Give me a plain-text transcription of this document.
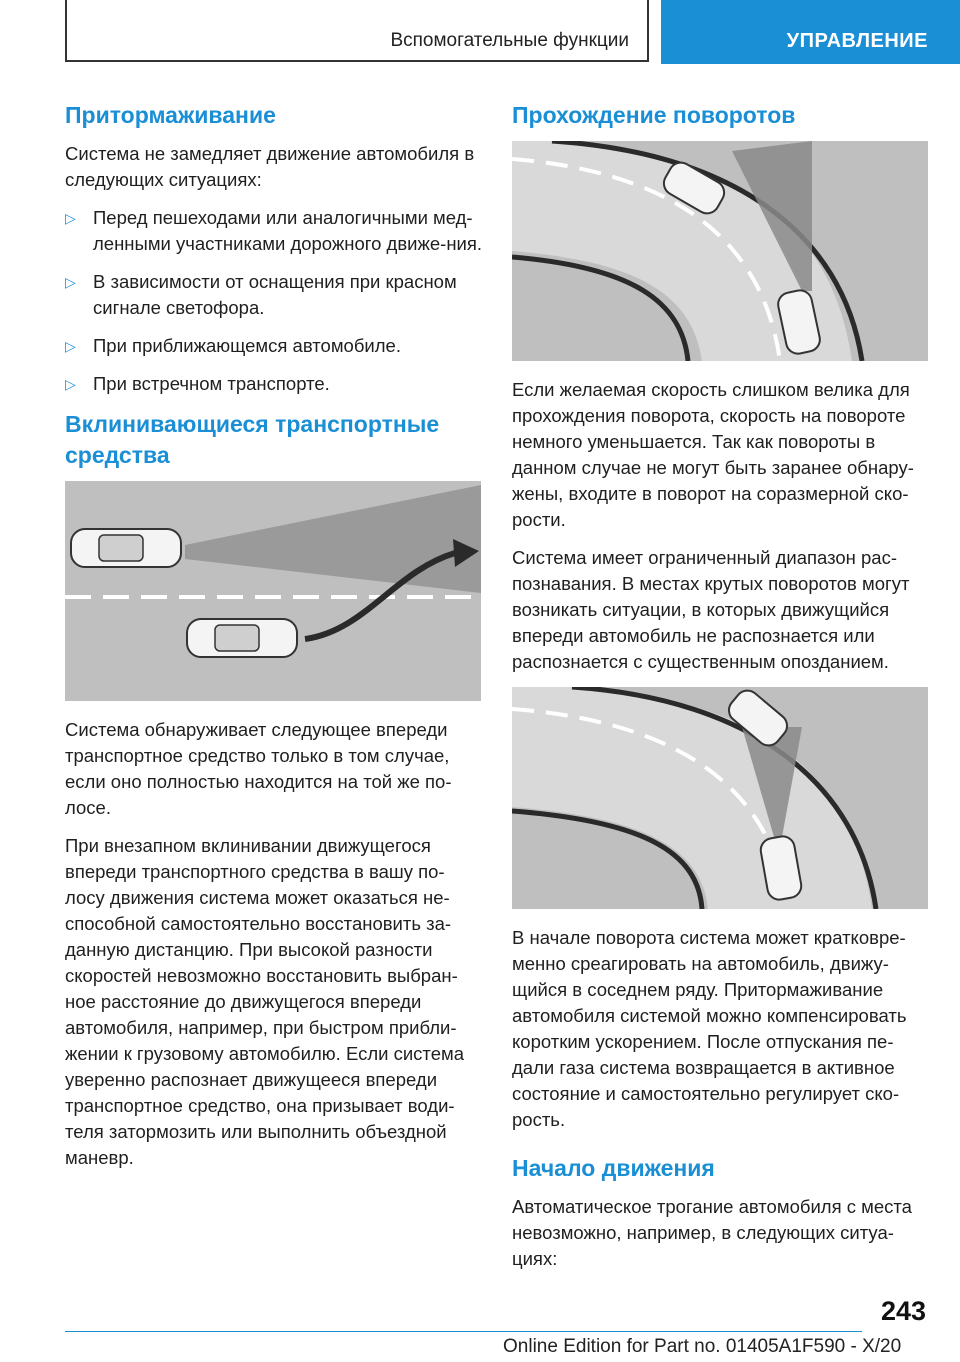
Вспомогательные функции	УПРАВЛЕНИЕ
Притормаживание

Система не замедляет движение автомобиля в следующих ситуациях:

▷ Перед пешеходами или аналогичными мед-ленными участниками дорожного движе-ния.
▷ В зависимости от оснащения при красном сигнале светофора.
▷ При приближающемся автомобиле.
▷ При встречном транспорте.
Вклинивающиеся транспортные средства

Система обнаруживает следующее впереди транспортное средство только в том случае, если оно полностью находится на той же по-лосе.

При внезапном вклинивании движущегося впереди транспортного средства в вашу по-лосу движения система может оказаться не-способной самостоятельно восстановить за-данную дистанцию. При высокой разности скоростей невозможно восстановить выбран-ное расстояние до движущегося впереди автомобиля, например, при быстром прибли-жении к грузовому автомобилю. Если система уверенно распознает движущееся впереди транспортное средство, она призывает води-теля затормозить или выполнить объездной маневр.

Прохождение поворотов

Если желаемая скорость слишком велика для прохождения поворота, скорость на повороте немного уменьшается. Так как повороты в данном случае не могут быть заранее обнару-жены, входите в поворот на соразмерной ско-рости.

Система имеет ограниченный диапазон рас-познавания. В местах крутых поворотов могут возникать ситуации, в которых движущийся впереди автомобиль не распознается или распознается с существенным опозданием.

В начале поворота система может кратковре-менно среагировать на автомобиль, движу-щийся в соседнем ряду. Притормаживание автомобиля системой можно компенсировать коротким ускорением. После отпускания пе-дали газа система возвращается в активное состояние и самостоятельно регулирует ско-рость.

Начало движения

Автоматическое трогание автомобиля с места невозможно, например, в следующих ситуа-циях:

243
Online Edition for Part no. 01405A1F590 - X/20
